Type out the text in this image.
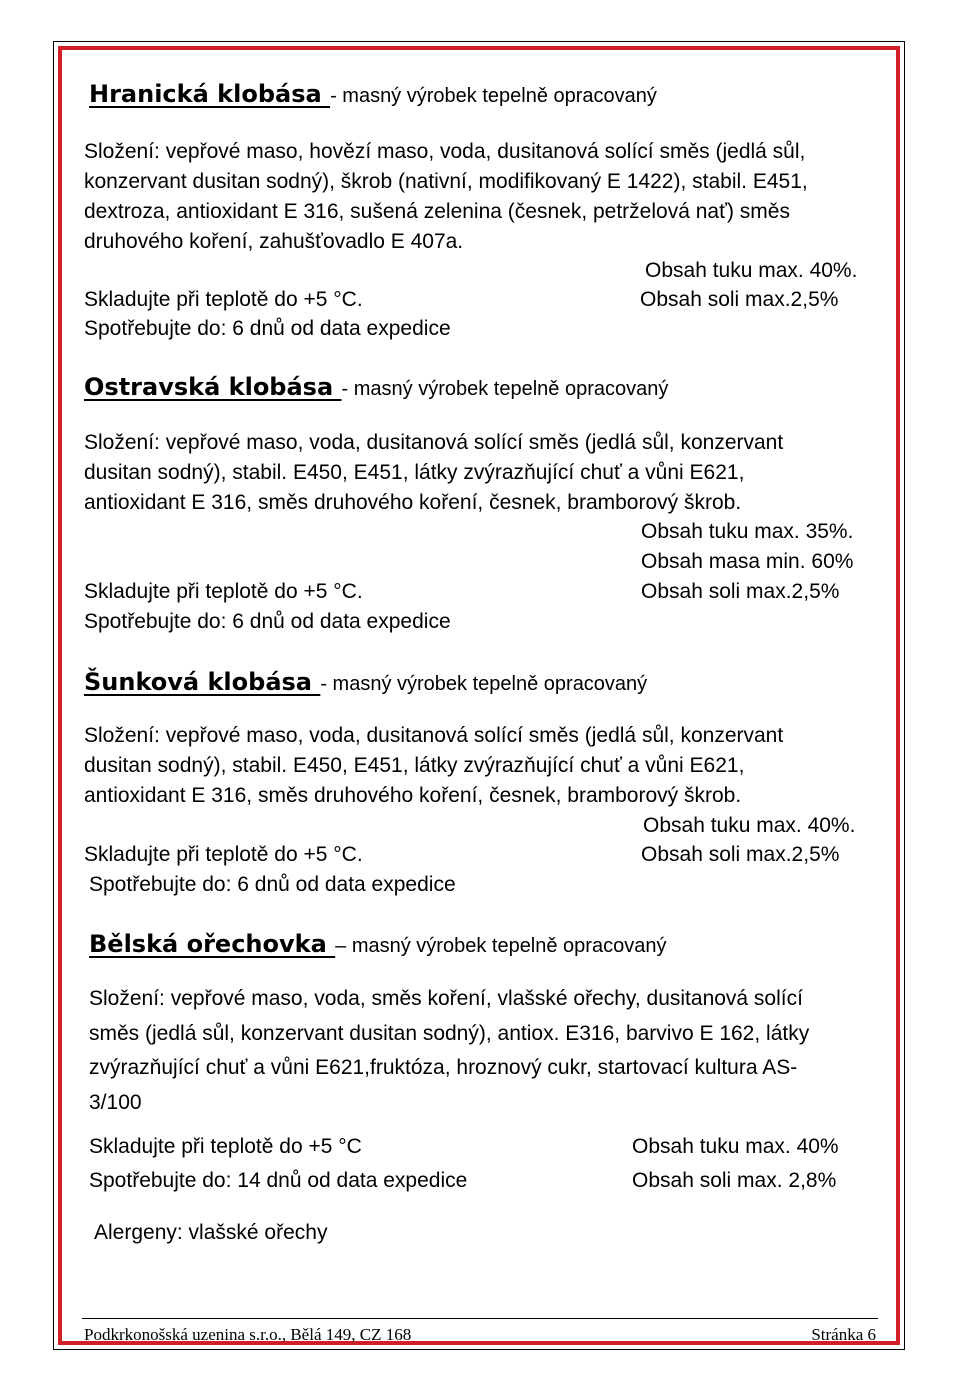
Hranická klobása - masný výrobek tepelně opracovaný
Složení: vepřové maso, hovězí maso, voda, dusitanová solící směs (jedlá sůl,
konzervant dusitan sodný), škrob (nativní, modifikovaný E 1422), stabil. E451,
dextroza, antioxidant E 316, sušená zelenina (česnek, petrželová nať) směs
druhového koření, zahušťovadlo E 407a.
Obsah tuku max. 40%.
Skladujte při teplotě do +5 °C.	Obsah soli max.2,5%
Spotřebujte do: 6 dnů od data expedice
Ostravská klobása - masný výrobek tepelně opracovaný
Složení: vepřové maso, voda, dusitanová solící směs (jedlá sůl, konzervant
dusitan sodný), stabil. E450, E451, látky zvýrazňující chuť a vůni E621,
antioxidant E 316, směs druhového koření, česnek, bramborový škrob.
Obsah tuku max. 35%.
Obsah masa min. 60%
Skladujte při teplotě do +5 °C.	Obsah soli max.2,5%
Spotřebujte do: 6 dnů od data expedice
Šunková klobása - masný výrobek tepelně opracovaný
Složení: vepřové maso, voda, dusitanová solící směs (jedlá sůl, konzervant
dusitan sodný), stabil. E450, E451, látky zvýrazňující chuť a vůni E621,
antioxidant E 316, směs druhového koření, česnek, bramborový škrob.
Obsah tuku max. 40%.
Skladujte při teplotě do +5 °C.	Obsah soli max.2,5%
Spotřebujte do: 6 dnů od data expedice
Bělská ořechovka – masný výrobek tepelně opracovaný
Složení: vepřové maso, voda, směs koření, vlašské ořechy, dusitanová solící
směs (jedlá sůl, konzervant dusitan sodný), antiox. E316, barvivo E 162, látky
zvýrazňující chuť a vůni E621,fruktóza, hroznový cukr, startovací kultura AS-
3/100
Skladujte při teplotě do +5 °C	Obsah tuku max. 40%
Spotřebujte do: 14 dnů od data expedice	Obsah soli max. 2,8%
Alergeny: vlašské ořechy
Podkrkonošská uzenina s.r.o., Bělá 149, CZ 168	Stránka 6
